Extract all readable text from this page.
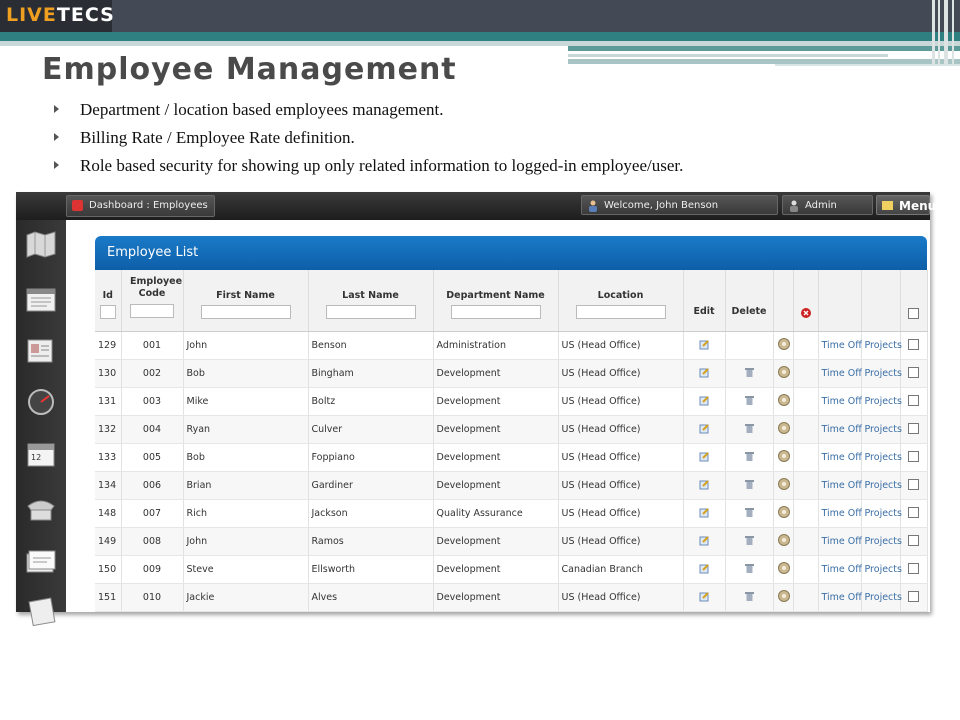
LIVETECS
Employee Management
Department / location based employees management.
Billing Rate / Employee Rate definition.
Role based security for showing up only related information to logged-in employee/user.
Dashboard : Employees	Welcome, John Benson	Admin	Menu
12
Employee List
Id	Employee Code	First Name	Last Name	Department Name	Location	Edit	Delete

129	001	John	Benson	Administration	US (Head Office)					Time Off	Projects	
130	002	Bob	Bingham	Development	US (Head Office)					Time Off	Projects	
131	003	Mike	Boltz	Development	US (Head Office)					Time Off	Projects	
132	004	Ryan	Culver	Development	US (Head Office)					Time Off	Projects	
133	005	Bob	Foppiano	Development	US (Head Office)					Time Off	Projects	
134	006	Brian	Gardiner	Development	US (Head Office)					Time Off	Projects	
148	007	Rich	Jackson	Quality Assurance	US (Head Office)					Time Off	Projects	
149	008	John	Ramos	Development	US (Head Office)					Time Off	Projects	
150	009	Steve	Ellsworth	Development	Canadian Branch					Time Off	Projects	
151	010	Jackie	Alves	Development	US (Head Office)					Time Off	Projects	
